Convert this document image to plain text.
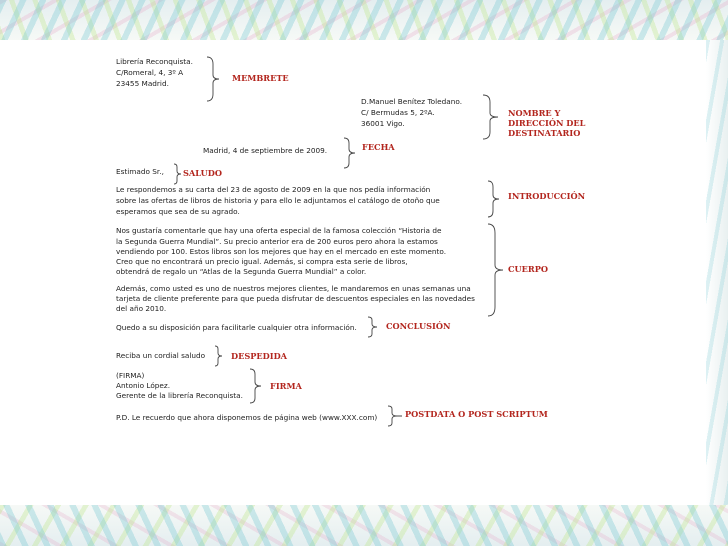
Librería Reconquista.
C/Romeral, 4, 3º A
23455 Madrid.
MEMBRETE
D.Manuel Benítez Toledano.
C/ Bermudas 5, 2ºA.
36001 Vigo.
NOMBRE Y
DIRECCIÓN DEL
DESTINATARIO
Madrid, 4 de septiembre de 2009.	FECHA
Estimado Sr., SALUDO
Le respondemos a su carta del 23 de agosto de 2009 en la que nos pedía información
sobre las ofertas de libros de historia y para ello le adjuntamos el catálogo de otoño que
esperamos que sea de su agrado.
INTRODUCCIÓN
Nos gustaría comentarle que hay una oferta especial de la famosa colección “Historia de
la Segunda Guerra Mundial”. Su precio anterior era de 200 euros pero ahora la estamos
vendiendo por 100. Estos libros son los mejores que hay en el mercado en este momento.
Creo que no encontrará un precio igual. Además, si compra esta serie de libros,
obtendrá de regalo un “Atlas de la Segunda Guerra Mundial” a color.
Además, como usted es uno de nuestros mejores clientes, le mandaremos en unas semanas una
tarjeta de cliente preferente para que pueda disfrutar de descuentos especiales en las novedades
del año 2010.
CUERPO
Quedo a su disposición para facilitarle cualquier otra información.	CONCLUSIÓN
Reciba un cordial saludo	DESPEDIDA
(FIRMA)
Antonio López.
Gerente de la librería Reconquista.
FIRMA
P.D. Le recuerdo que ahora disponemos de página web (www.XXX.com)	POSTDATA O POST SCRIPTUM
